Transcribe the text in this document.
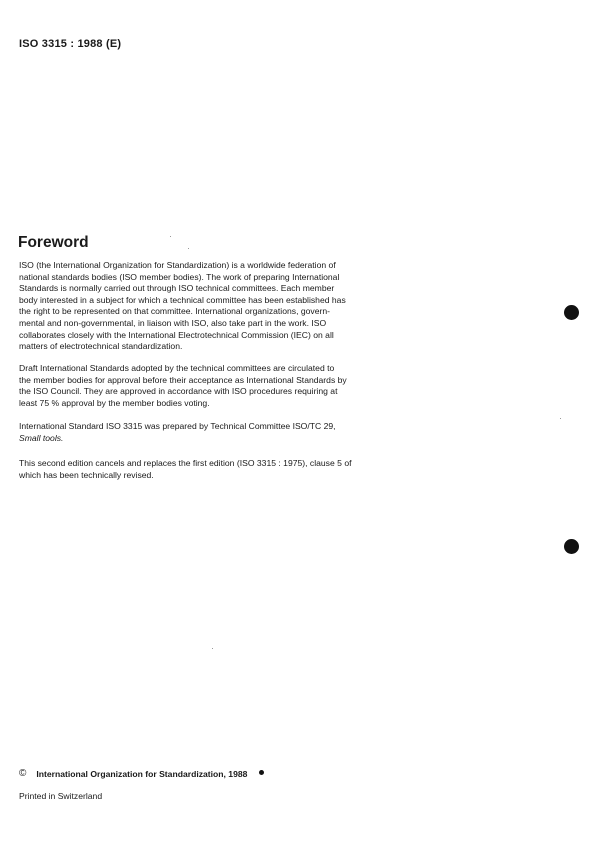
ISO 3315 : 1988 (E)
Foreword

ISO (the International Organization for Standardization) is a worldwide federation of
national standards bodies (ISO member bodies). The work of preparing International
Standards is normally carried out through ISO technical committees. Each member
body interested in a subject for which a technical committee has been established has
the right to be represented on that committee. International organizations, govern-
mental and non-governmental, in liaison with ISO, also take part in the work. ISO
collaborates closely with the International Electrotechnical Commission (IEC) on all
matters of electrotechnical standardization.

Draft International Standards adopted by the technical committees are circulated to
the member bodies for approval before their acceptance as International Standards by
the ISO Council. They are approved in accordance with ISO procedures requiring at
least 75 % approval by the member bodies voting.

International Standard ISO 3315 was prepared by Technical Committee ISO/TC 29,
Small tools.

This second edition cancels and replaces the first edition (ISO 3315 : 1975), clause 5 of
which has been technically revised.

© International Organization for Standardization, 1988
Printed in Switzerland
